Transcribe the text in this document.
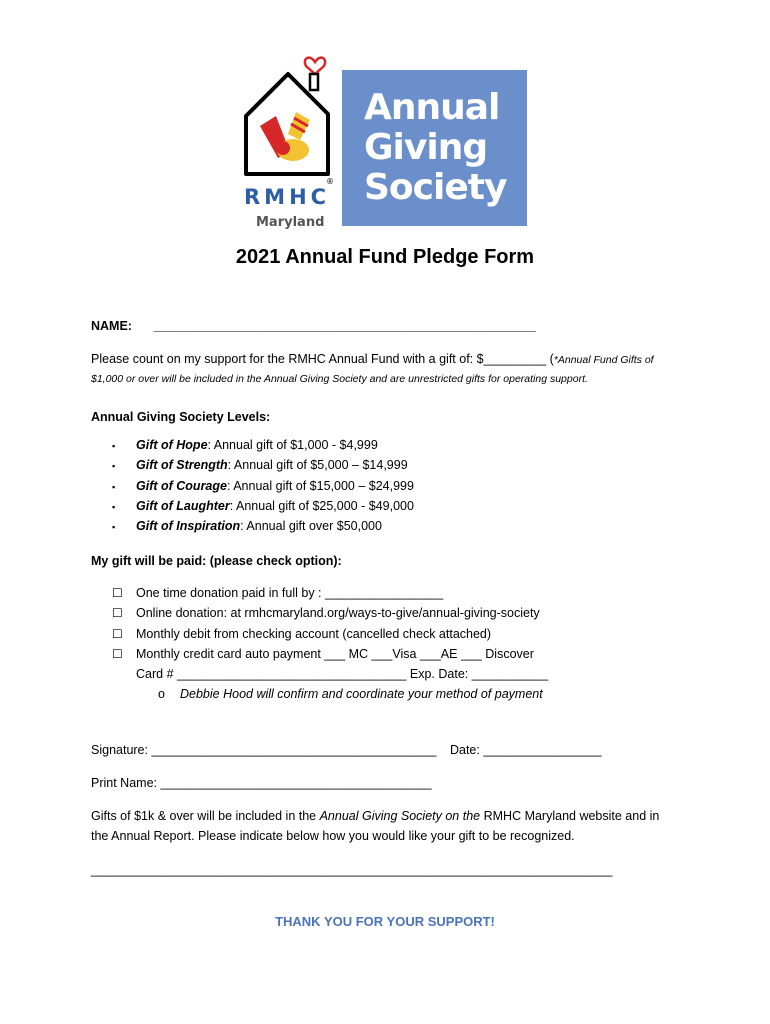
RMHC
®
Maryland
Annual
Giving
Society
2021 Annual Fund Pledge Form
NAME: _______________________________________________________
Please count on my support for the RMHC Annual Fund with a gift of: $_________ (*Annual Fund Gifts of
$1,000 or over will be included in the Annual Giving Society and are unrestricted gifts for operating support.
Annual Giving Society Levels:
▪ Gift of Hope: Annual gift of $1,000 - $4,999
▪ Gift of Strength: Annual gift of $5,000 – $14,999
▪ Gift of Courage: Annual gift of $15,000 – $24,999
▪ Gift of Laughter: Annual gift of $25,000 - $49,000
▪ Gift of Inspiration: Annual gift over $50,000
My gift will be paid: (please check option):
☐ One time donation paid in full by : _________________
☐ Online donation: at rmhcmaryland.org/ways-to-give/annual-giving-society
☐ Monthly debit from checking account (cancelled check attached)
☐ Monthly credit card auto payment ___ MC ___Visa ___AE ___ Discover
Card # _________________________________ Exp. Date: ___________
o Debbie Hood will confirm and coordinate your method of payment
Signature: _________________________________________ Date: _________________
Print Name: _______________________________________
Gifts of $1k & over will be included in the Annual Giving Society on the RMHC Maryland website and in
the Annual Report. Please indicate below how you would like your gift to be recognized.
___________________________________________________________________________
THANK YOU FOR YOUR SUPPORT!
